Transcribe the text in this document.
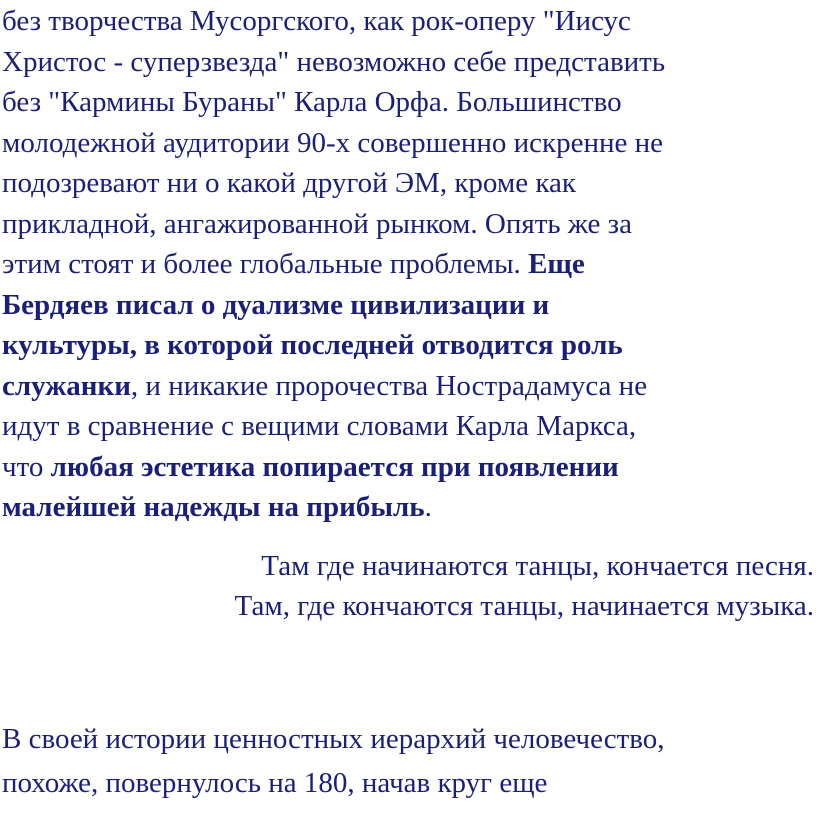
без творчества Мусоргского, как рок-оперу "Иисус
Христос - суперзвезда" невозможно себе представить
без "Кармины Бураны" Карла Орфа. Большинство
молодежной аудитории 90-х совершенно искренне не
подозревают ни о какой другой ЭМ, кроме как
прикладной, ангажированной рынком. Опять же за
этим стоят и более глобальные проблемы. Еще
Бердяев писал о дуализме цивилизации и
культуры, в которой последней отводится роль
служанки, и никакие пророчества Нострадамуса не
идут в сравнение с вещими словами Карла Маркса,
что любая эстетика попирается при появлении
малейшей надежды на прибыль.

Там где начинаются танцы, кончается песня.
Там, где кончаются танцы, начинается музыка.

В своей истории ценностных иерархий человечество,
похоже, повернулось на 180, начав круг еще
